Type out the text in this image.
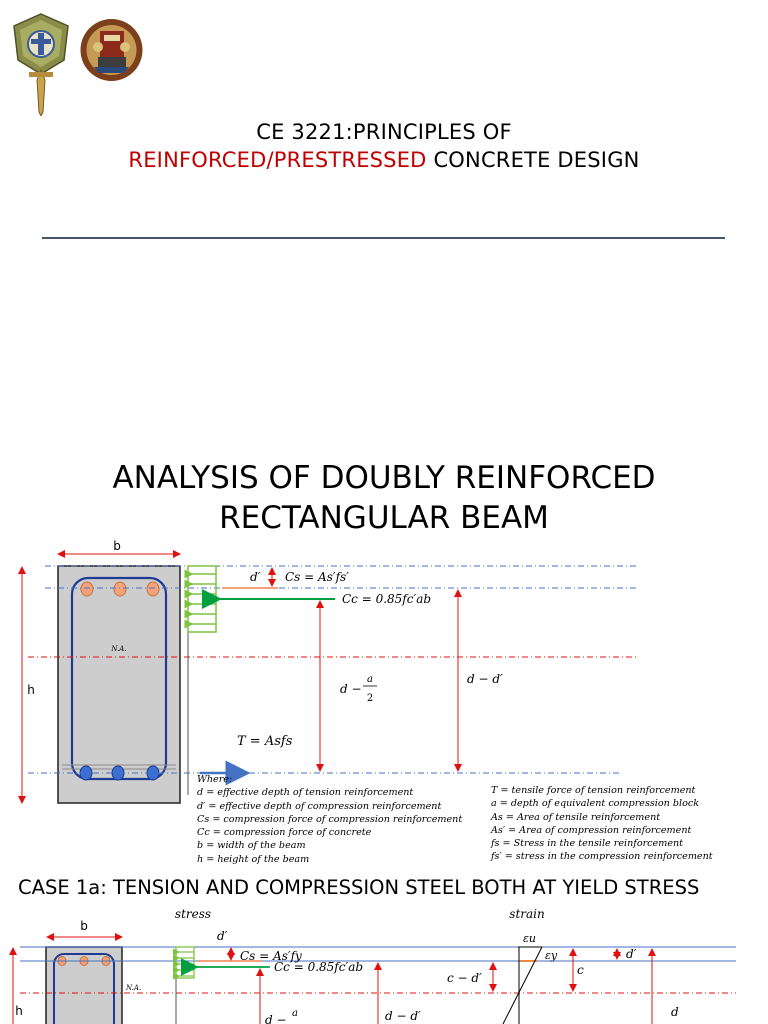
CE 3221:PRINCIPLES OF
REINFORCED/PRESTRESSED CONCRETE DESIGN
ANALYSIS OF DOUBLY REINFORCED
RECTANGULAR BEAM
b
h
N.A.
d′ Cs = As′fs′
Cc = 0.85fc′ab
d −
a
2
d − d′
T = Asfs
Where:
d = effective depth of tension reinforcement
d′ = effective depth of compression reinforcement
Cs = compression force of compression reinforcement
Cc = compression force of concrete
b = width of the beam
h = height of the beam
T = tensile force of tension reinforcement
a = depth of equivalent compression block
As = Area of tensile reinforcement
As′ = Area of compression reinforcement
fs = Stress in the tensile reinforcement
fs′ = stress in the compression reinforcement
CASE 1a: TENSION AND COMPRESSION STEEL BOTH AT YIELD STRESS
stress	strain
b
h
N.A.
d′
Cs = As′fy
Cc = 0.85fc′ab
d − a	d − d′
εu
εy
c − d′
c
d′
d
